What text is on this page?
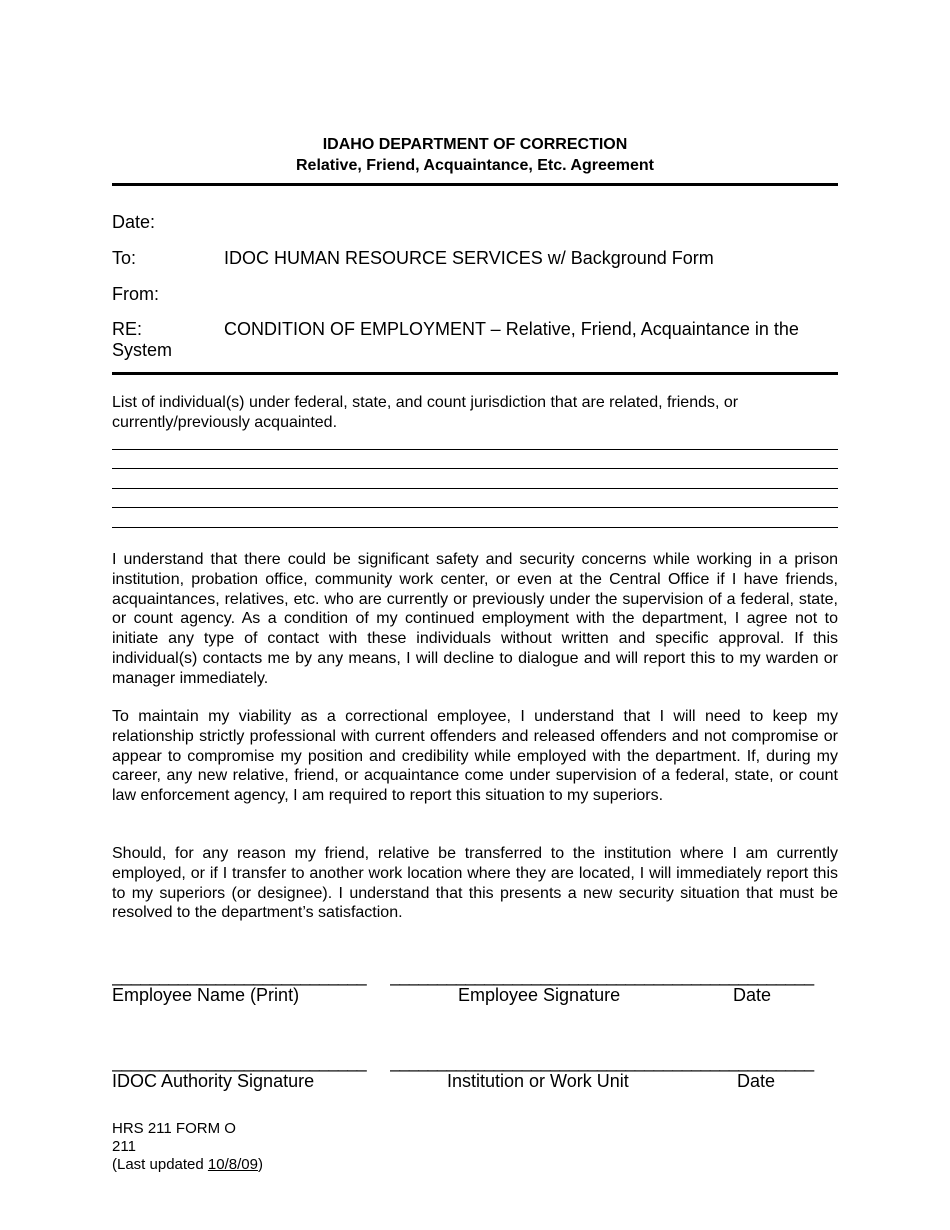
IDAHO DEPARTMENT OF CORRECTION
Relative, Friend, Acquaintance, Etc. Agreement
Date:
To:	IDOC HUMAN RESOURCE SERVICES w/ Background Form
From:
RE:	CONDITION OF EMPLOYMENT – Relative, Friend, Acquaintance in the
System
List of individual(s) under federal, state, and count jurisdiction that are related, friends, or currently/previously acquainted.
I understand that there could be significant safety and security concerns while working in a prison institution, probation office, community work center, or even at the Central Office if I have friends, acquaintances, relatives, etc. who are currently or previously under the supervision of a federal, state, or count agency. As a condition of my continued employment with the department, I agree not to initiate any type of contact with these individuals without written and specific approval. If this individual(s) contacts me by any means, I will decline to dialogue and will report this to my warden or manager immediately.
To maintain my viability as a correctional employee, I understand that I will need to keep my relationship strictly professional with current offenders and released offenders and not compromise or appear to compromise my position and credibility while employed with the department. If, during my career, any new relative, friend, or acquaintance come under supervision of a federal, state, or count law enforcement agency, I am required to report this situation to my superiors.
Should, for any reason my friend, relative be transferred to the institution where I am currently employed, or if I transfer to another work location where they are located, I will immediately report this to my superiors (or designee). I understand that this presents a new security situation that must be resolved to the department’s satisfaction.
___________________________	_____________________________________________
Employee Name (Print)	Employee Signature	Date
___________________________	_____________________________________________
IDOC Authority Signature	Institution or Work Unit	Date
HRS 211 FORM O
211
(Last updated 10/8/09)
